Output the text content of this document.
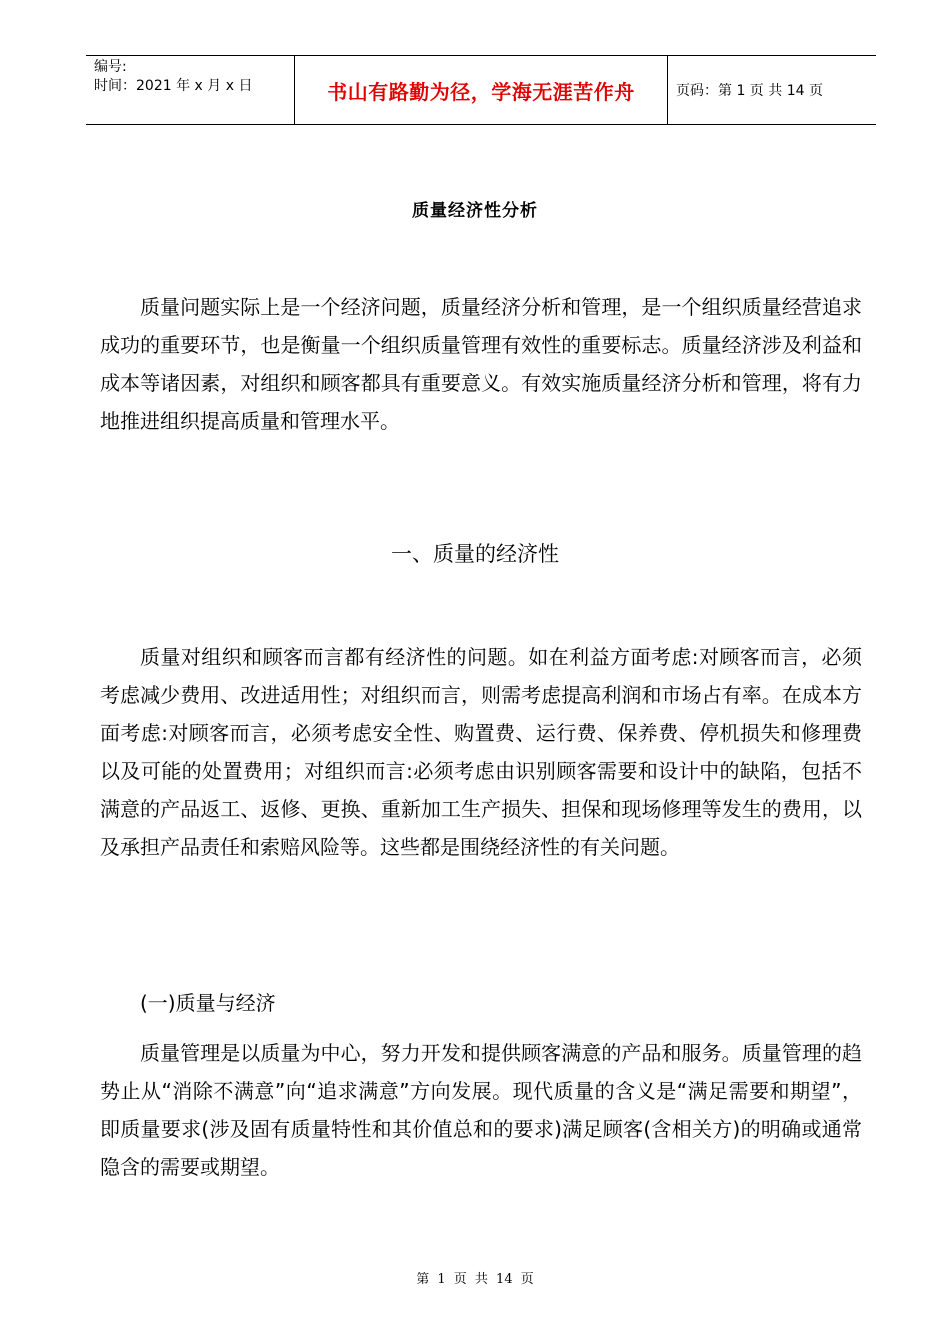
编号:
时间：2021 年 x 月 x 日	书山有路勤为径，学海无涯苦作舟	页码：第 1 页 共 14 页
质量经济性分析

质量问题实际上是一个经济问题，质量经济分析和管理，是一个组织质量经营追求成功的重要环节，也是衡量一个组织质量管理有效性的重要标志。质量经济涉及利益和成本等诸因素，对组织和顾客都具有重要意义。有效实施质量经济分析和管理，将有力地推进组织提高质量和管理水平。

一、质量的经济性

质量对组织和顾客而言都有经济性的问题。如在利益方面考虑:对顾客而言，必须考虑减少费用、改进适用性；对组织而言，则需考虑提高利润和市场占有率。在成本方面考虑:对顾客而言，必须考虑安全性、购置费、运行费、保养费、停机损失和修理费以及可能的处置费用；对组织而言:必须考虑由识别顾客需要和设计中的缺陷，包括不满意的产品返工、返修、更换、重新加工生产损失、担保和现场修理等发生的费用，以及承担产品责任和索赔风险等。这些都是围绕经济性的有关问题。

(一)质量与经济

质量管理是以质量为中心，努力开发和提供顾客满意的产品和服务。质量管理的趋势止从“消除不满意”向“追求满意”方向发展。现代质量的含义是“满足需要和期望”，即质量要求(涉及固有质量特性和其价值总和的要求)满足顾客(含相关方)的明确或通常隐含的需要或期望。

第 1 页 共 14 页
